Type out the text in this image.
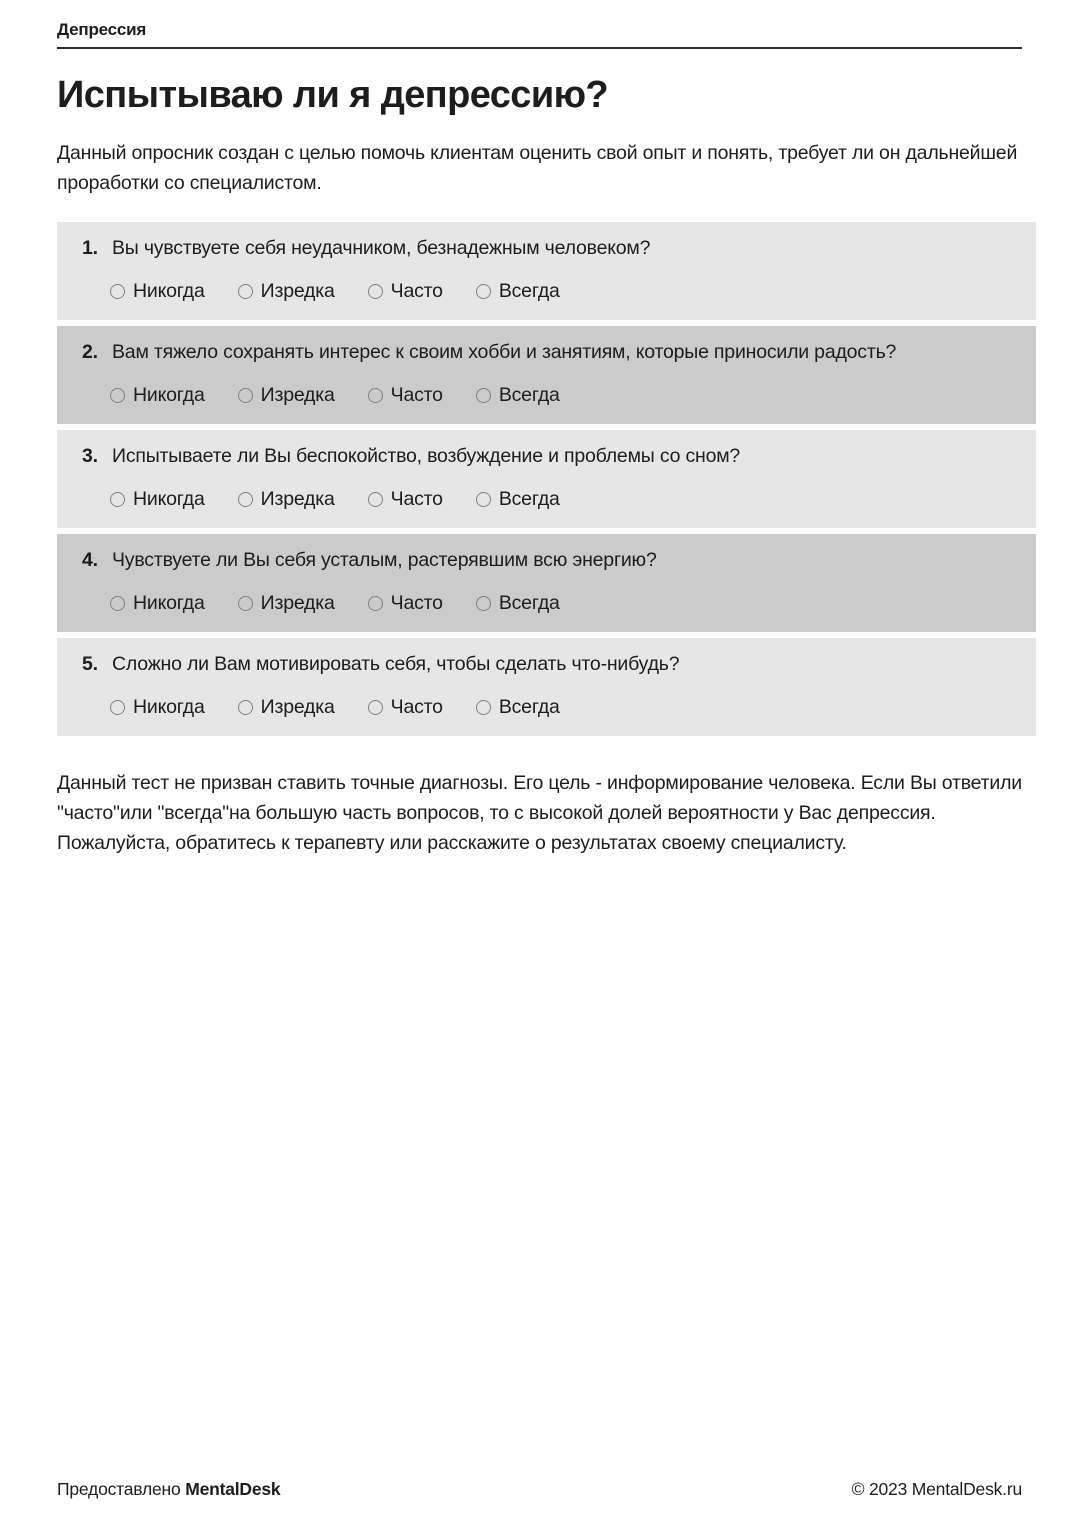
Депрессия
Испытываю ли я депрессию?

Данный опросник создан с целью помочь клиентам оценить свой опыт и понять, требует ли он дальнейшей проработки со специалистом.

1. Вы чувствуете себя неудачником, безнадежным человеком?
Никогда	Изредка	Часто	Всегда
2. Вам тяжело сохранять интерес к своим хобби и занятиям, которые приносили радость?
Никогда	Изредка	Часто	Всегда
3. Испытываете ли Вы беспокойство, возбуждение и проблемы со сном?
Никогда	Изредка	Часто	Всегда
4. Чувствуете ли Вы себя усталым, растерявшим всю энергию?
Никогда	Изредка	Часто	Всегда
5. Сложно ли Вам мотивировать себя, чтобы сделать что-нибудь?
Никогда	Изредка	Часто	Всегда

Данный тест не призван ставить точные диагнозы. Его цель - информирование человека. Если Вы ответили "часто"или "всегда"на большую часть вопросов, то с высокой долей вероятности у Вас депрессия. Пожалуйста, обратитесь к терапевту или расскажите о результатах своему специалисту.

Предоставлено MentalDesk	© 2023 MentalDesk.ru
